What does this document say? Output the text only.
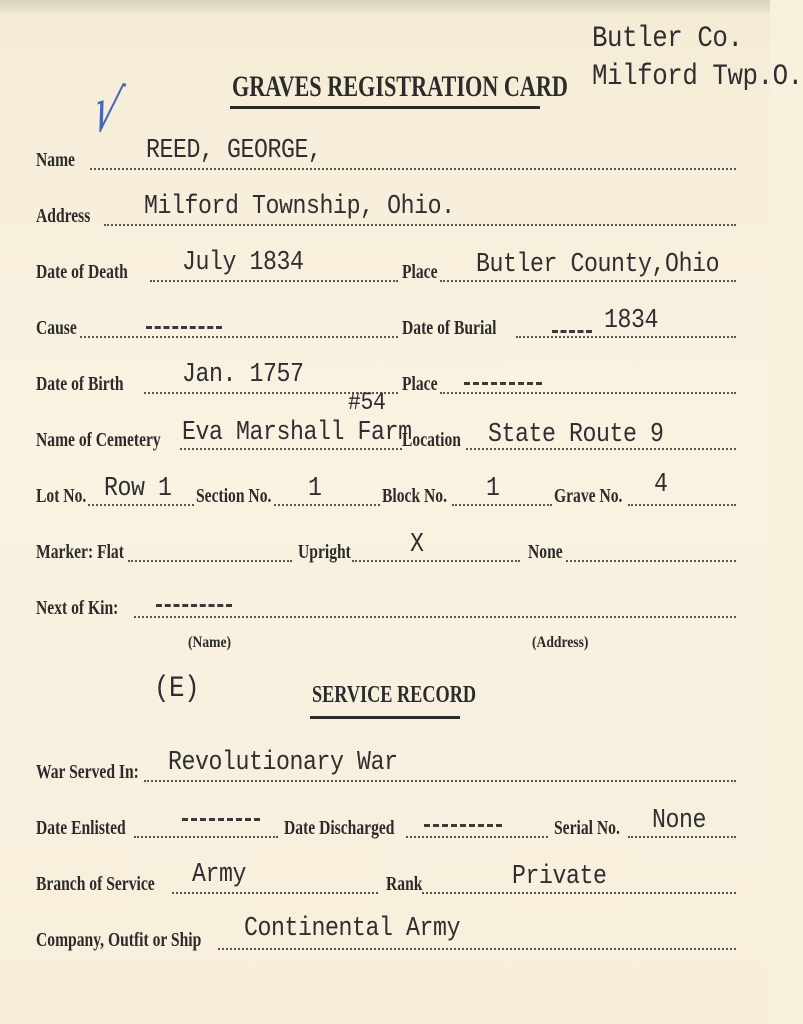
Butler Co.
Milford Twp.O.
GRAVES REGISTRATION CARD
√
Name	REED, GEORGE,
Address Milford Township, Ohio.
Date of Death July 1834	Place Butler County,Ohio
Cause	Date of Burial	1834
Date of Birth Jan. 1757	Place
#54
Name of Cemetery Eva Marshall Farm
Location State Route 9
Lot No. Row 1 Section No. 1	Block No. 1	Grave No. 4
Marker: Flat	Upright X	None
Next of Kin:
(Name)	(Address)
(E)	SERVICE RECORD
War Served In: Revolutionary War
Date Enlisted	Date Discharged	Serial No. None
Branch of Service Army	Rank	Private
Company, Outfit or Ship Continental Army
